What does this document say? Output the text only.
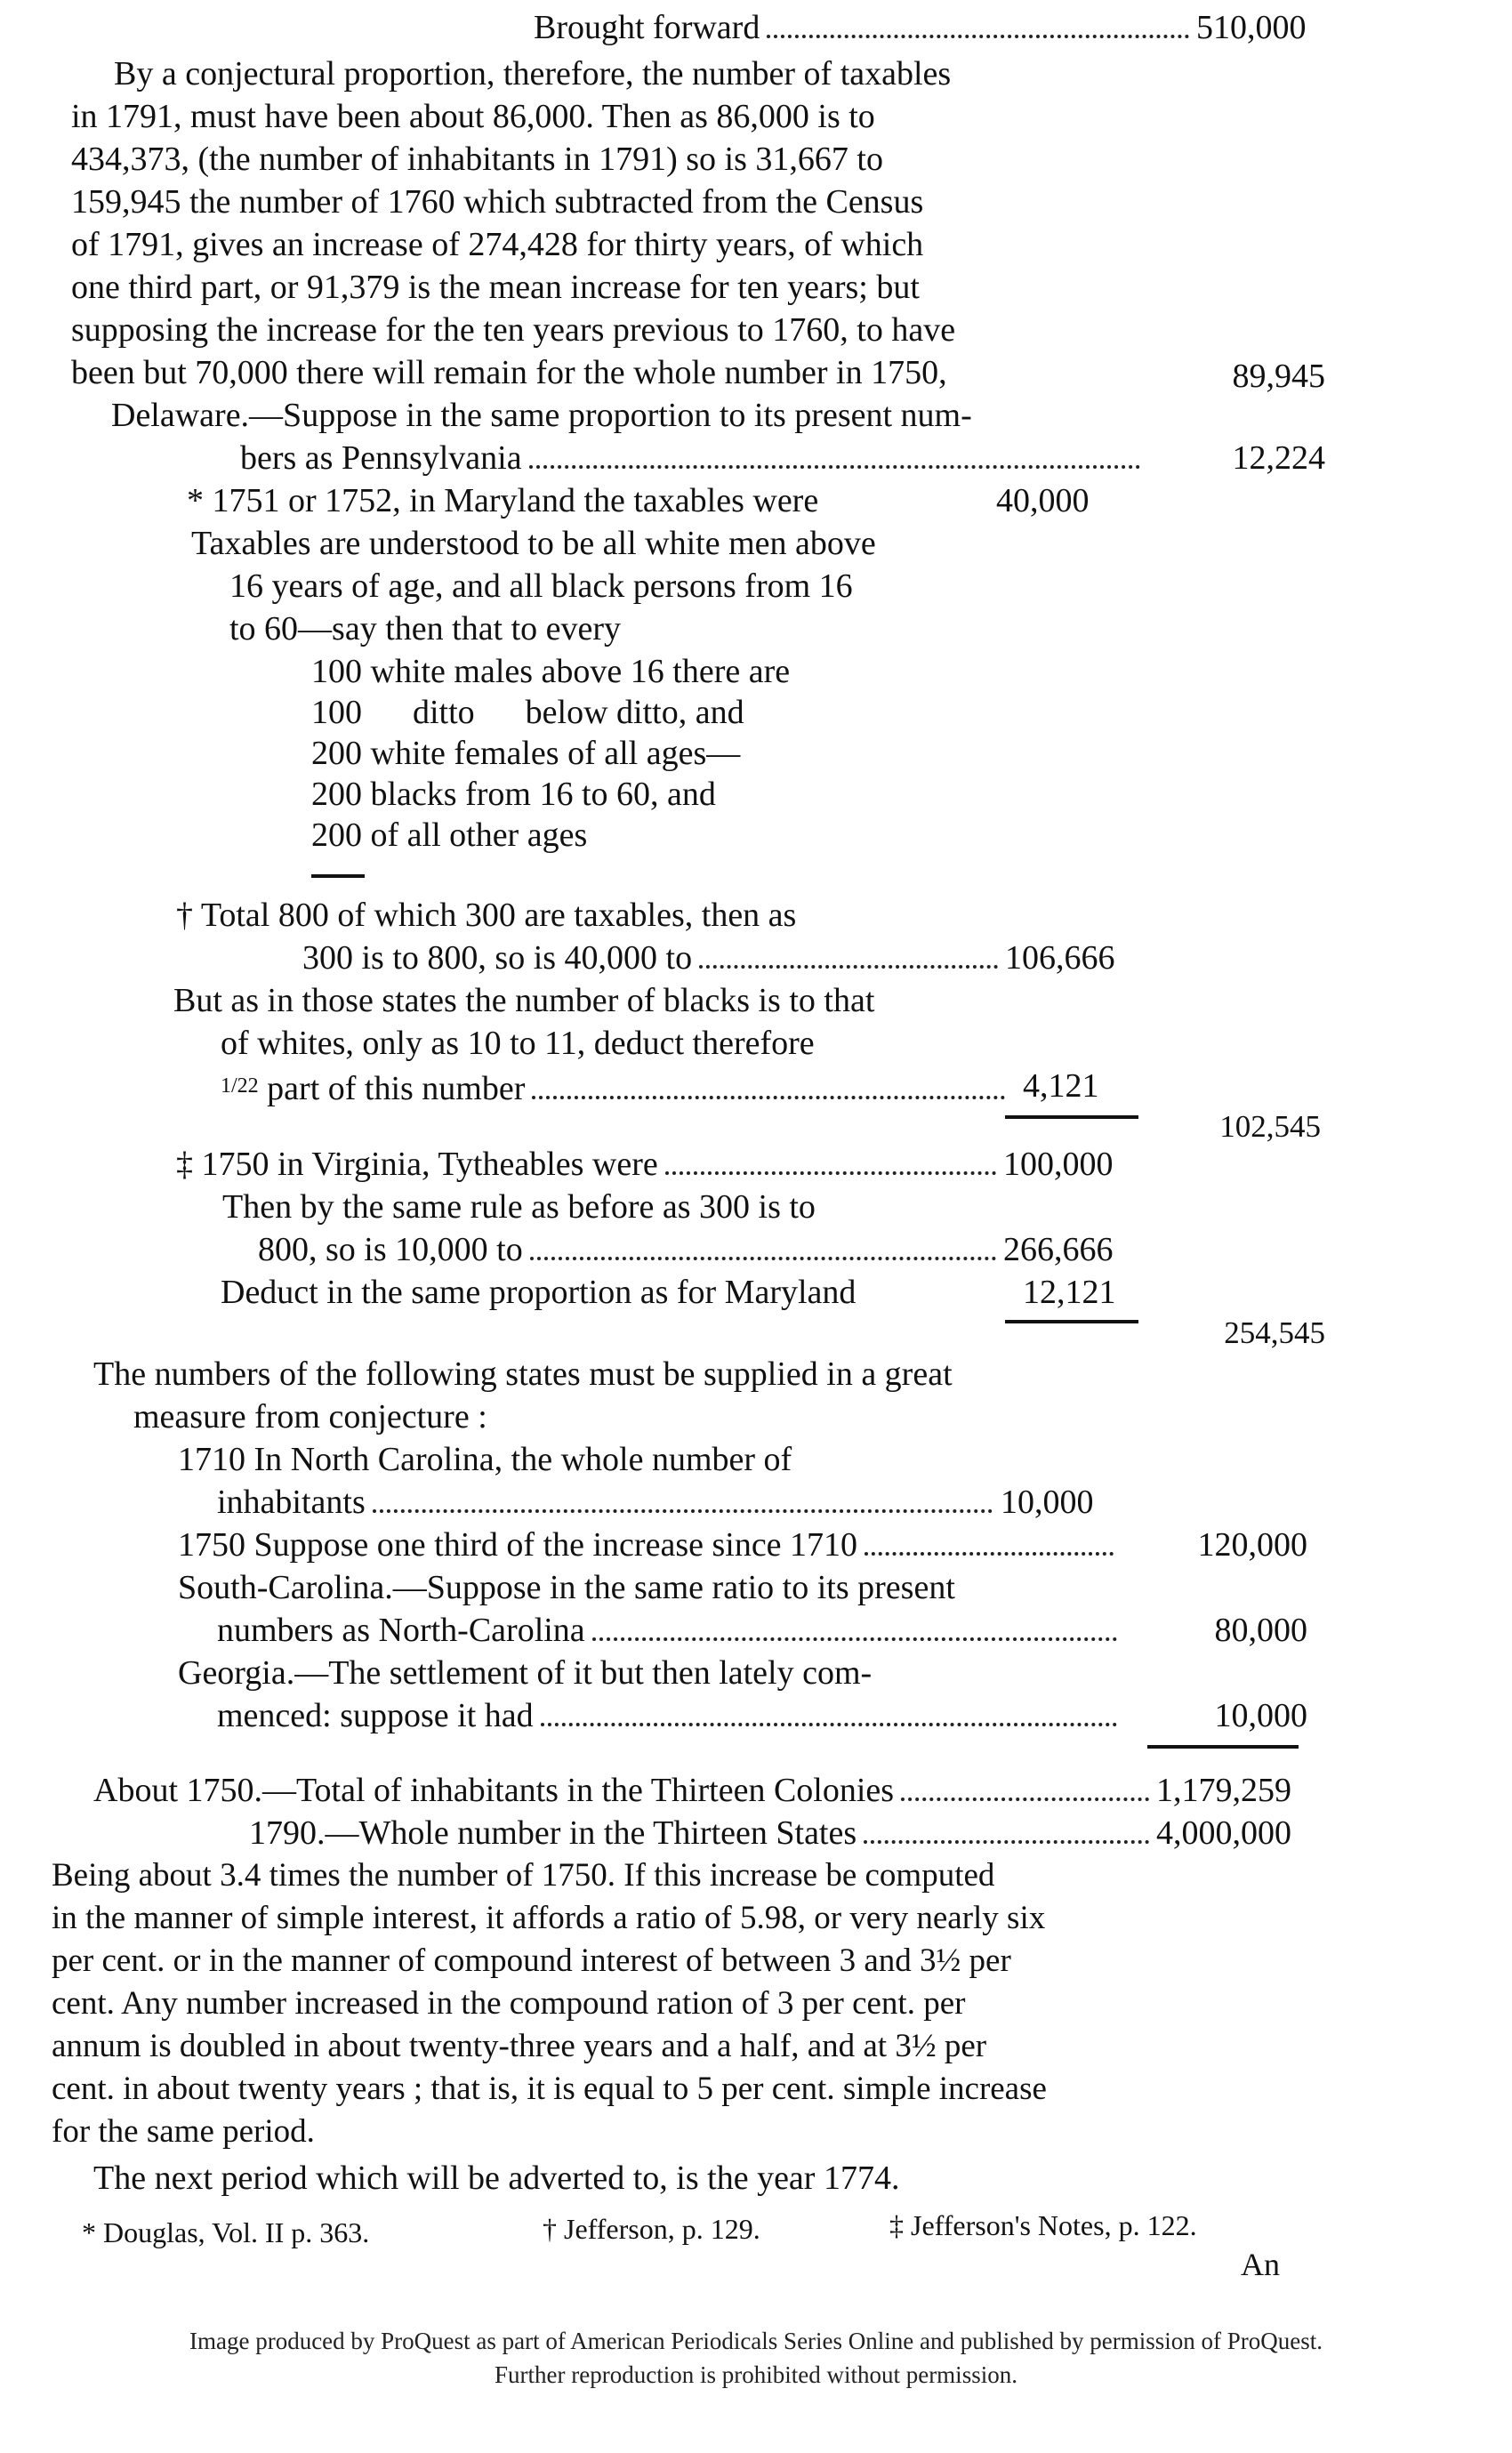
Brought forward	510,000
By a conjectural proportion, therefore, the number of taxables
in 1791, must have been about 86,000. Then as 86,000 is to
434,373, (the number of inhabitants in 1791) so is 31,667 to
159,945 the number of 1760 which subtracted from the Census
of 1791, gives an increase of 274,428 for thirty years, of which
one third part, or 91,379 is the mean increase for ten years; but
supposing the increase for the ten years previous to 1760, to have
been but 70,000 there will remain for the whole number in 1750,	89,945
Delaware.—Suppose in the same proportion to its present num-
bers as Pennsylvania	12,224
* 1751 or 1752, in Maryland the taxables were	40,000
Taxables are understood to be all white men above
16 years of age, and all black persons from 16
to 60—say then that to every
100 white males above 16 there are
100      ditto      below ditto, and
200 white females of all ages—
200 blacks from 16 to 60, and
200 of all other ages
† Total 800 of which 300 are taxables, then as
300 is to 800, so is 40,000 to	106,666
But as in those states the number of blacks is to that
of whites, only as 10 to 11, deduct therefore
$^{1/22}$ part of this number	4,121
102,545
‡ 1750 in Virginia, Tytheables were	100,000
Then by the same rule as before as 300 is to
800, so is 10,000 to	266,666
Deduct in the same proportion as for Maryland	12,121
254,545
The numbers of the following states must be supplied in a great
measure from conjecture :
1710 In North Carolina, the whole number of
inhabitants	10,000
1750 Suppose one third of the increase since 1710	120,000
South-Carolina.—Suppose in the same ratio to its present
numbers as North-Carolina	80,000
Georgia.—The settlement of it but then lately com-
menced: suppose it had	10,000
About 1750.—Total of inhabitants in the Thirteen Colonies	1,179,259
1790.—Whole number in the Thirteen States	4,000,000
Being about 3.4 times the number of 1750. If this increase be computed
in the manner of simple interest, it affords a ratio of 5.98, or very nearly six
per cent. or in the manner of compound interest of between 3 and 3½ per
cent. Any number increased in the compound ration of 3 per cent. per
annum is doubled in about twenty-three years and a half, and at 3½ per
cent. in about twenty years ; that is, it is equal to 5 per cent. simple increase
for the same period.
The next period which will be adverted to, is the year 1774.
* Douglas, Vol. II p. 363.	† Jefferson, p. 129.	‡ Jefferson's Notes, p. 122.
An
Image produced by ProQuest as part of American Periodicals Series Online and published by permission of ProQuest.
Further reproduction is prohibited without permission.
